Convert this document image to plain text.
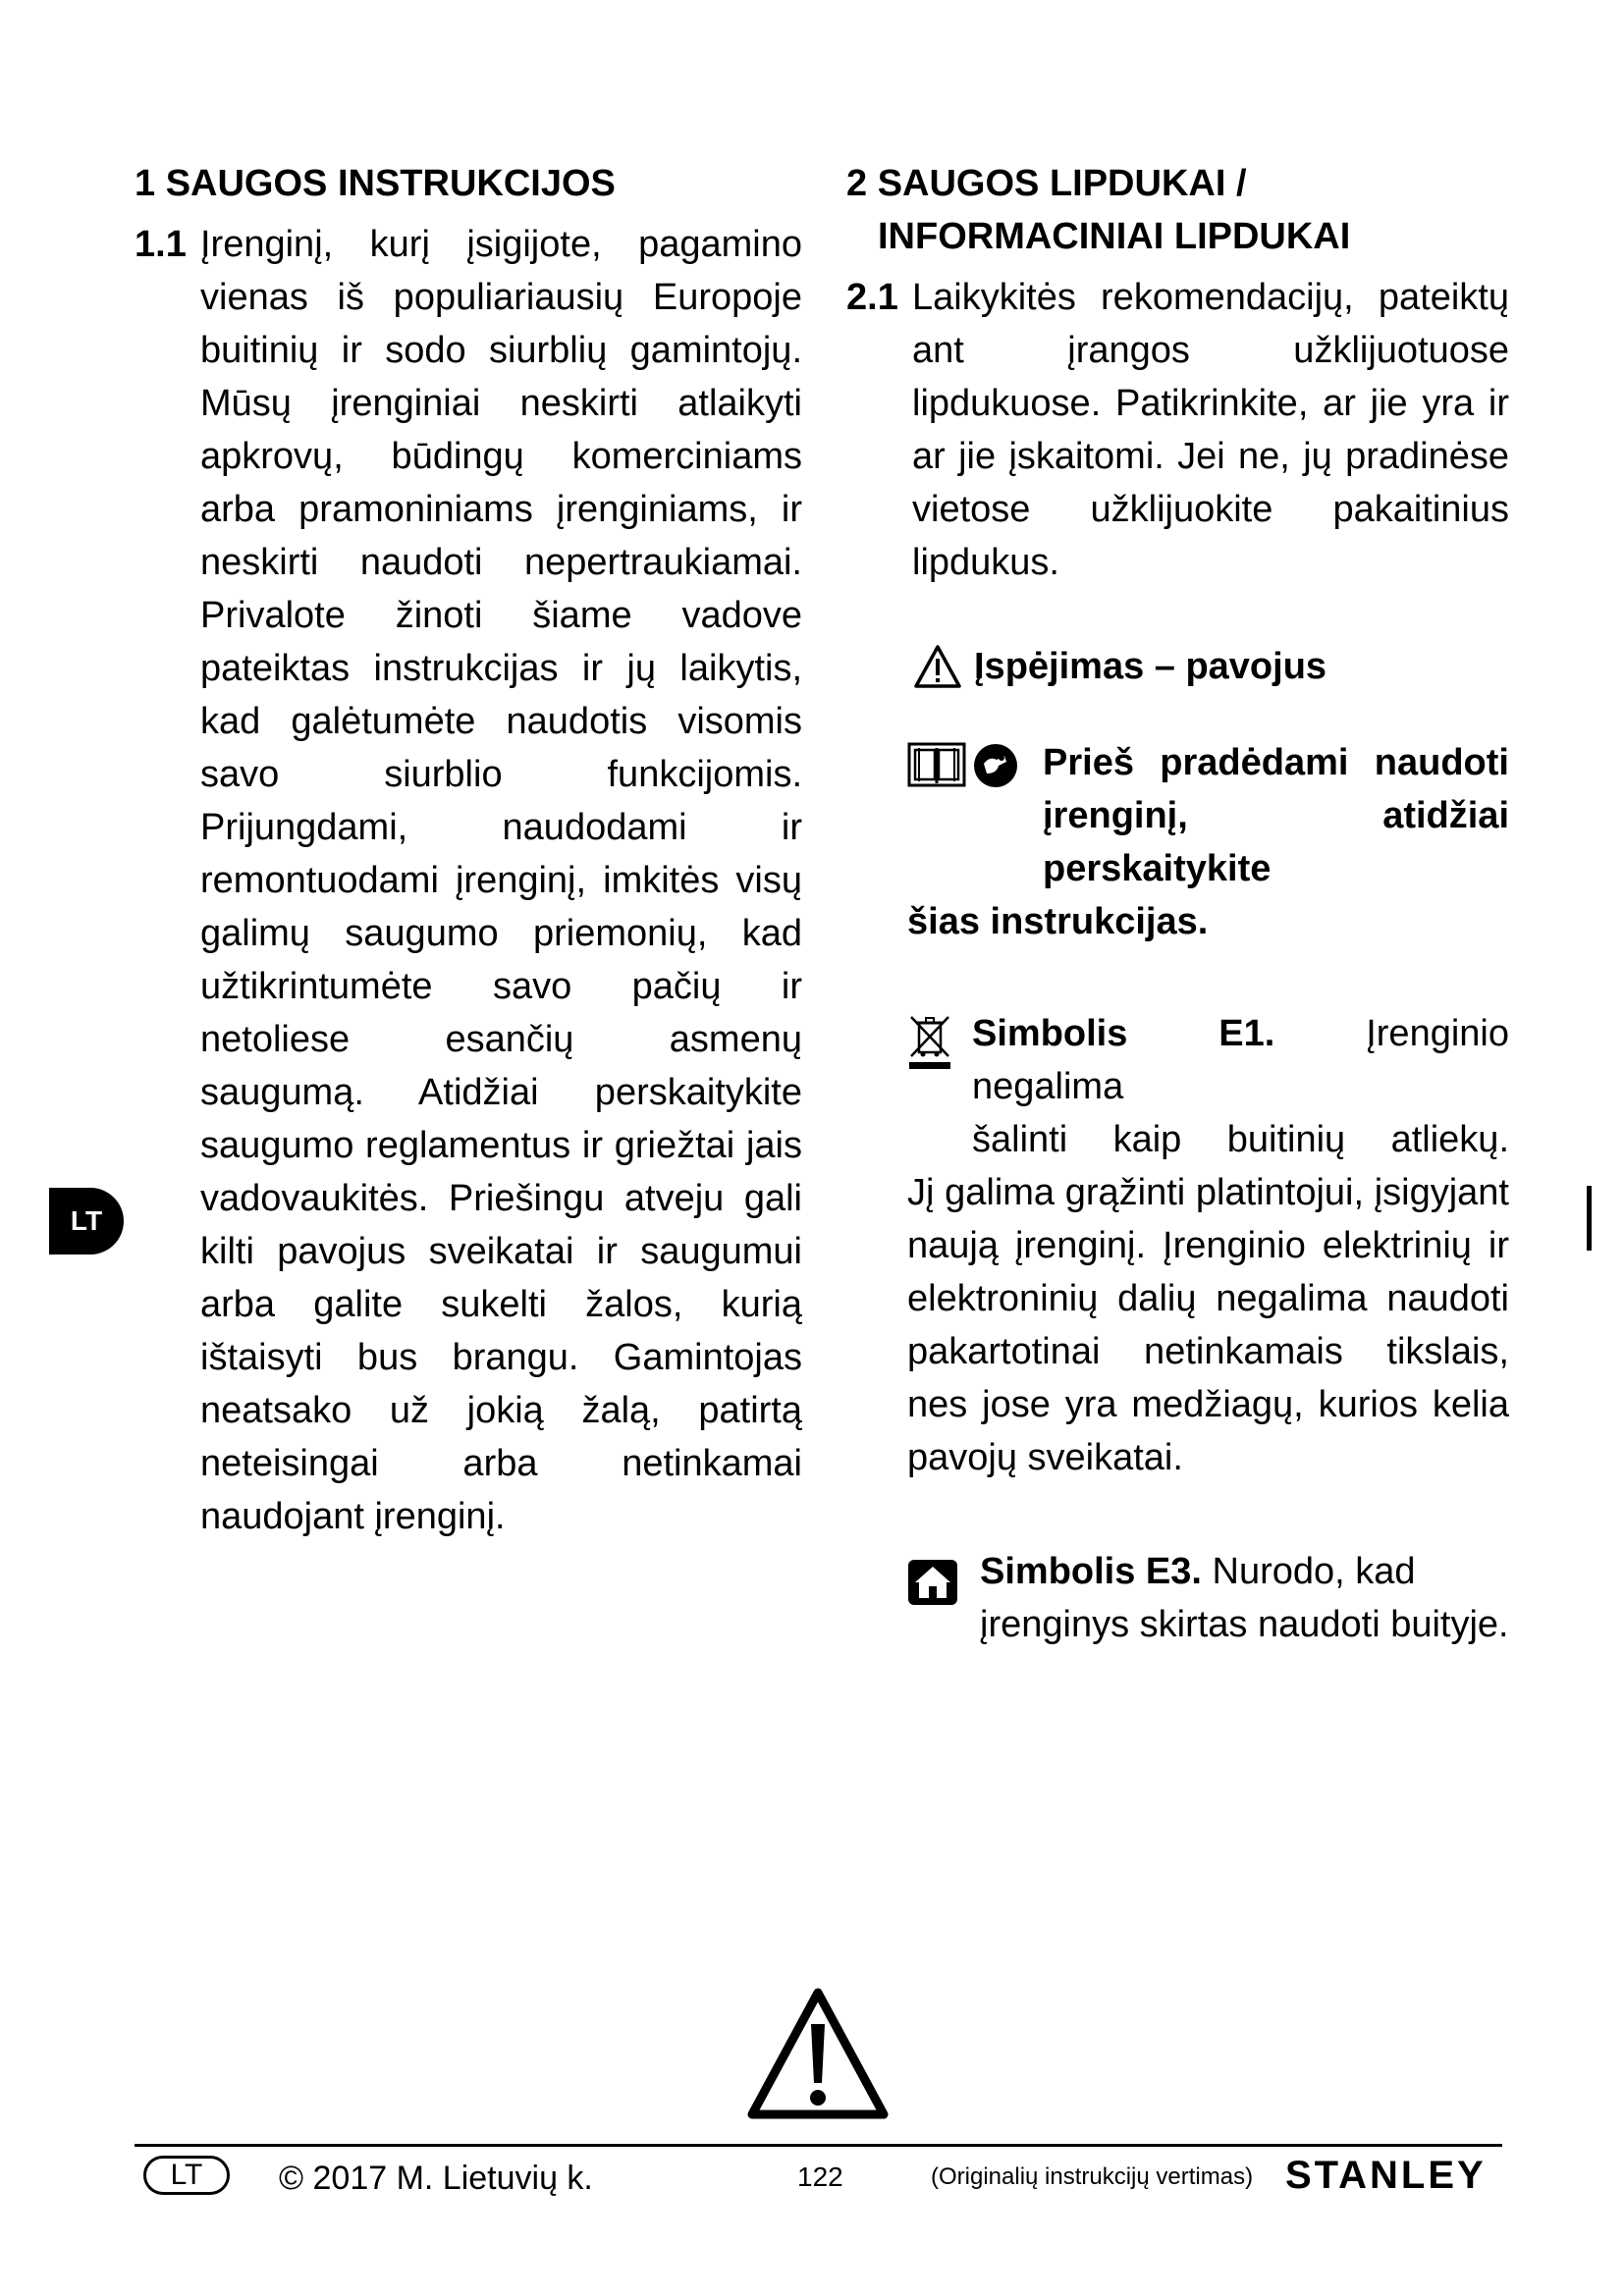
1 SAUGOS INSTRUKCIJOS
1.1 Įrenginį, kurį įsigijote, pagamino vienas iš populiariausių Europoje buitinių ir sodo siurblių gamintojų. Mūsų įrenginiai neskirti atlaikyti apkrovų, būdingų komerciniams arba pramoniniams įrenginiams, ir neskirti naudoti nepertraukiamai. Privalote žinoti šiame vadove pateiktas instrukcijas ir jų laikytis, kad galėtumėte naudotis visomis savo siurblio funkcijomis. Prijungdami, naudodami ir remontuodami įrenginį, imkitės visų galimų saugumo priemonių, kad užtikrintumėte savo pačių ir netoliese esančių asmenų saugumą. Atidžiai perskaitykite saugumo reglamentus ir griežtai jais vadovaukitės. Priešingu atveju gali kilti pavojus sveikatai ir saugumui arba galite sukelti žalos, kurią ištaisyti bus brangu. Gamintojas neatsako už jokią žalą, patirtą neteisingai arba netinkamai naudojant įrenginį.
2 SAUGOS LIPDUKAI /
INFORMACINIAI LIPDUKAI
2.1 Laikykitės rekomendacijų, pateiktų ant įrangos užklijuotuose lipdukuose. Patikrinkite, ar jie yra ir ar jie įskaitomi. Jei ne, jų pradinėse vietose užklijuokite pakaitinius lipdukus.
Įspėjimas – pavojus
Prieš pradėdami naudoti įrenginį, atidžiai perskaitykite
šias instrukcijas.
Simbolis E1. Įrenginio negalima
šalinti kaip buitinių atliekų.
Jį galima grąžinti platintojui, įsigyjant naują įrenginį. Įrenginio elektrinių ir elektroninių dalių negalima naudoti pakartotinai netinkamais tikslais, nes jose yra medžiagų, kurios kelia pavojų sveikatai.
Simbolis E3. Nurodo, kad įrenginys skirtas naudoti buityje.
LT
LT	© 2017 M. Lietuvių k.	122	(Originalių instrukcijų vertimas) STANLEY
